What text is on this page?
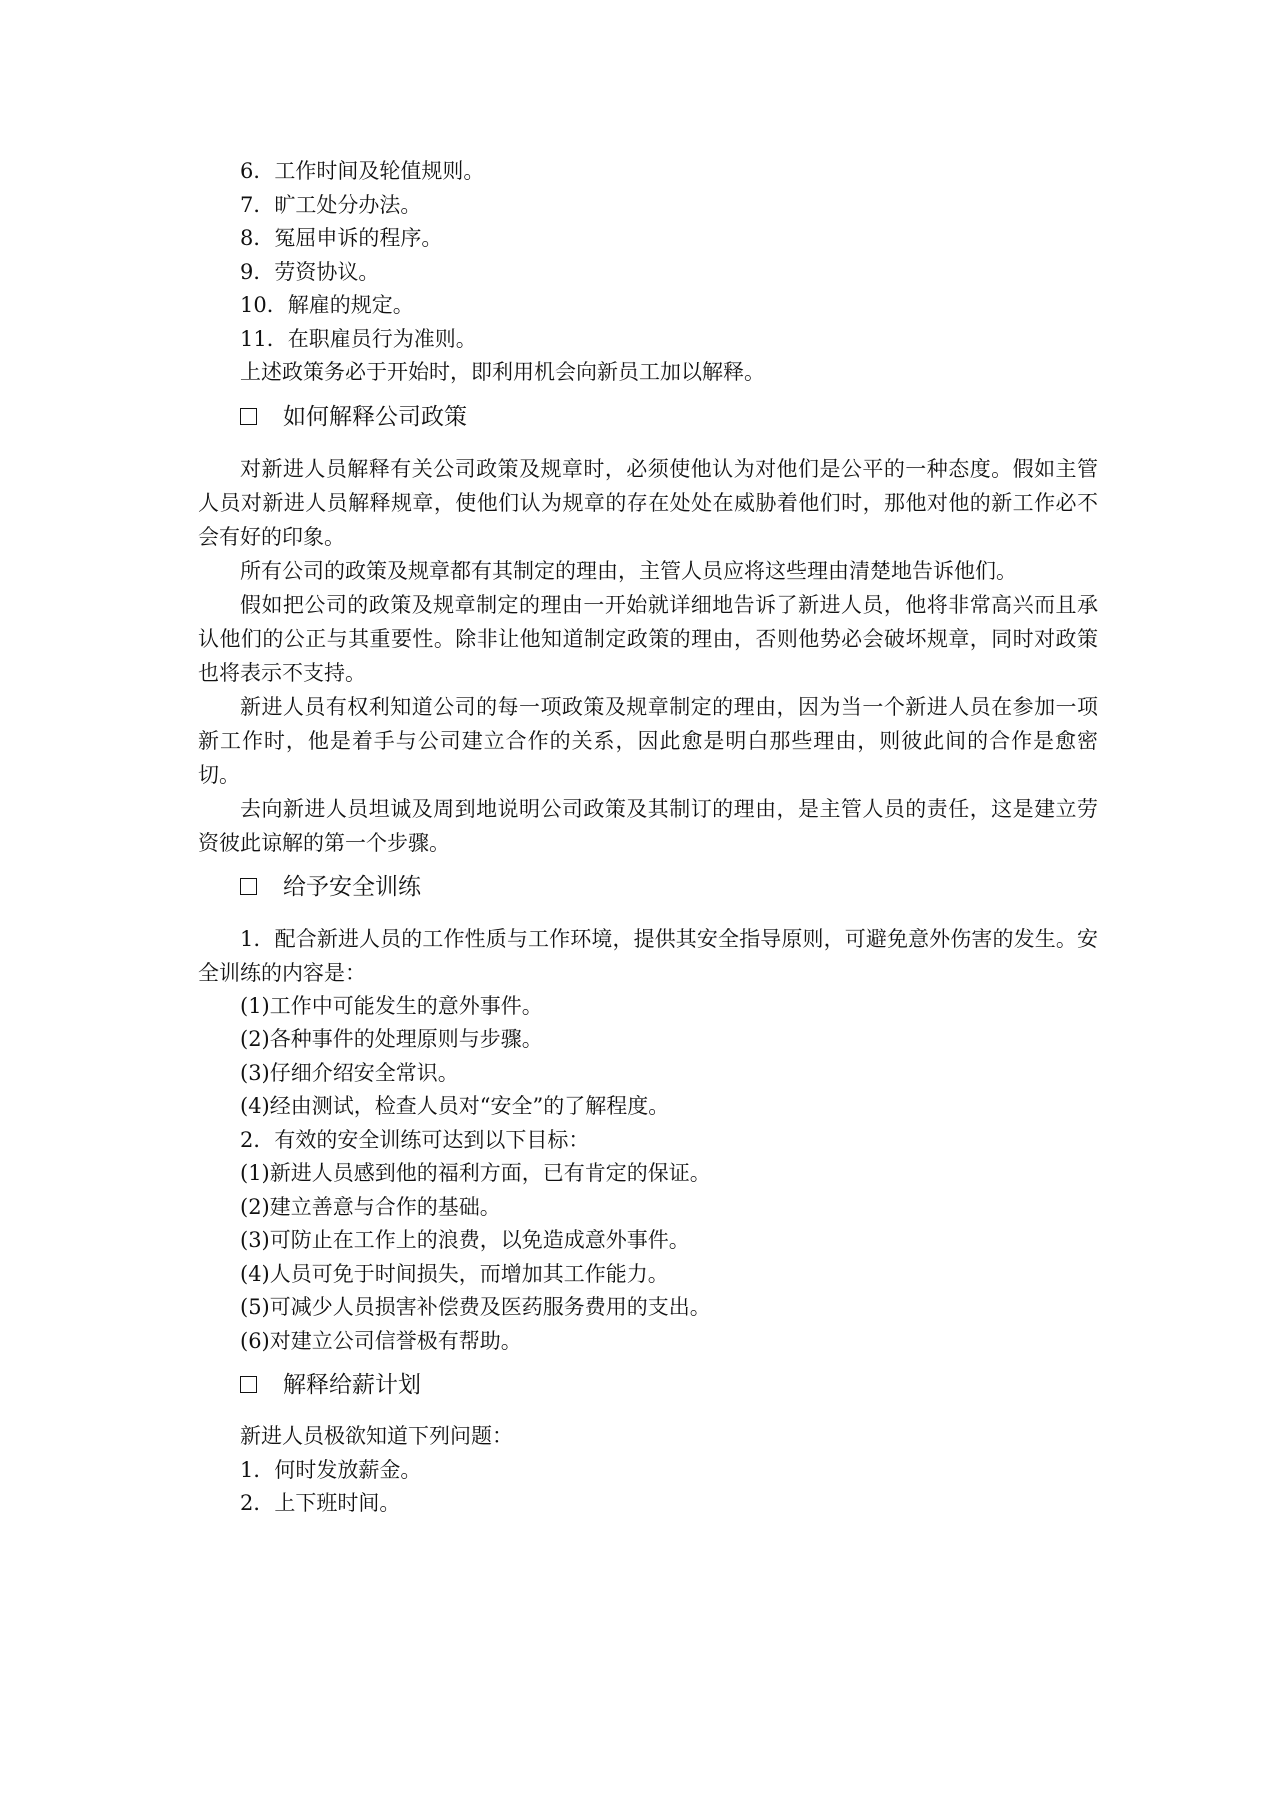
6．工作时间及轮值规则。

7．旷工处分办法。

8．冤屈申诉的程序。

9．劳资协议。

10．解雇的规定。

11．在职雇员行为准则。

上述政策务必于开始时，即利用机会向新员工加以解释。

如何解释公司政策

对新进人员解释有关公司政策及规章时，必须使他认为对他们是公平的一种态度。假如主管人员对新进人员解释规章，使他们认为规章的存在处处在威胁着他们时，那他对他的新工作必不会有好的印象。

所有公司的政策及规章都有其制定的理由，主管人员应将这些理由清楚地告诉他们。

假如把公司的政策及规章制定的理由一开始就详细地告诉了新进人员，他将非常高兴而且承认他们的公正与其重要性。除非让他知道制定政策的理由，否则他势必会破坏规章，同时对政策也将表示不支持。

新进人员有权利知道公司的每一项政策及规章制定的理由，因为当一个新进人员在参加一项新工作时，他是着手与公司建立合作的关系，因此愈是明白那些理由，则彼此间的合作是愈密切。

去向新进人员坦诚及周到地说明公司政策及其制订的理由，是主管人员的责任，这是建立劳资彼此谅解的第一个步骤。

给予安全训练

1．配合新进人员的工作性质与工作环境，提供其安全指导原则，可避免意外伤害的发生。安全训练的内容是：

(1)工作中可能发生的意外事件。

(2)各种事件的处理原则与步骤。

(3)仔细介绍安全常识。

(4)经由测试，检查人员对“安全”的了解程度。

2．有效的安全训练可达到以下目标：

(1)新进人员感到他的福利方面，已有肯定的保证。

(2)建立善意与合作的基础。

(3)可防止在工作上的浪费，以免造成意外事件。

(4)人员可免于时间损失，而增加其工作能力。

(5)可减少人员损害补偿费及医药服务费用的支出。

(6)对建立公司信誉极有帮助。

解释给薪计划

新进人员极欲知道下列问题：

1．何时发放薪金。

2．上下班时间。
